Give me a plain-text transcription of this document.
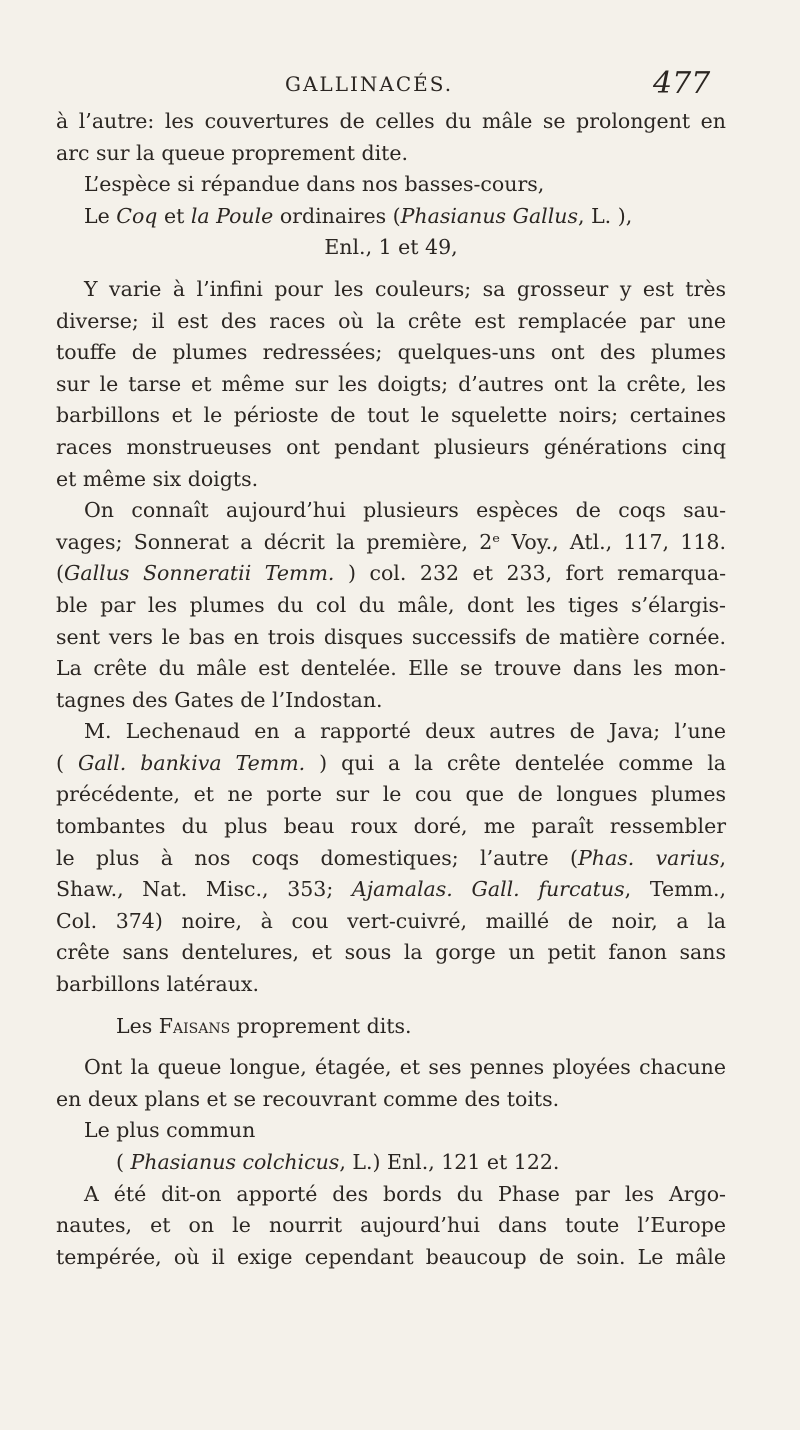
GALLINACÉS.	477
à l’autre: les couvertures de celles du mâle se prolongent en
arc sur la queue proprement dite.
L’espèce si répandue dans nos basses-cours,
Le Coq et la Poule ordinaires (Phasianus Gallus, L. ),
Enl., 1 et 49,
Y varie à l’infini pour les couleurs; sa grosseur y est très
diverse; il est des races où la crête est remplacée par une
touffe de plumes redressées; quelques-uns ont des plumes
sur le tarse et même sur les doigts; d’autres ont la crête, les
barbillons et le périoste de tout le squelette noirs; certaines
races monstrueuses ont pendant plusieurs générations cinq
et même six doigts.
On connaît aujourd’hui plusieurs espèces de coqs sau-
vages; Sonnerat a décrit la première, 2ᵉ Voy., Atl., 117, 118.
(Gallus Sonneratii Temm. ) col. 232 et 233, fort remarqua-
ble par les plumes du col du mâle, dont les tiges s’élargis-
sent vers le bas en trois disques successifs de matière cornée.
La crête du mâle est dentelée. Elle se trouve dans les mon-
tagnes des Gates de l’Indostan.
M. Lechenaud en a rapporté deux autres de Java; l’une
( Gall. bankiva Temm. ) qui a la crête dentelée comme la
précédente, et ne porte sur le cou que de longues plumes
tombantes du plus beau roux doré, me paraît ressembler
le plus à nos coqs domestiques; l’autre (Phas. varius,
Shaw., Nat. Misc., 353; Ajamalas. Gall. furcatus, Temm.,
Col. 374) noire, à cou vert-cuivré, maillé de noir, a la
crête sans dentelures, et sous la gorge un petit fanon sans
barbillons latéraux.
Les Faisans proprement dits.
Ont la queue longue, étagée, et ses pennes ployées chacune
en deux plans et se recouvrant comme des toits.
Le plus commun
( Phasianus colchicus, L.) Enl., 121 et 122.
A été dit-on apporté des bords du Phase par les Argo-
nautes, et on le nourrit aujourd’hui dans toute l’Europe
tempérée, où il exige cependant beaucoup de soin. Le mâle
